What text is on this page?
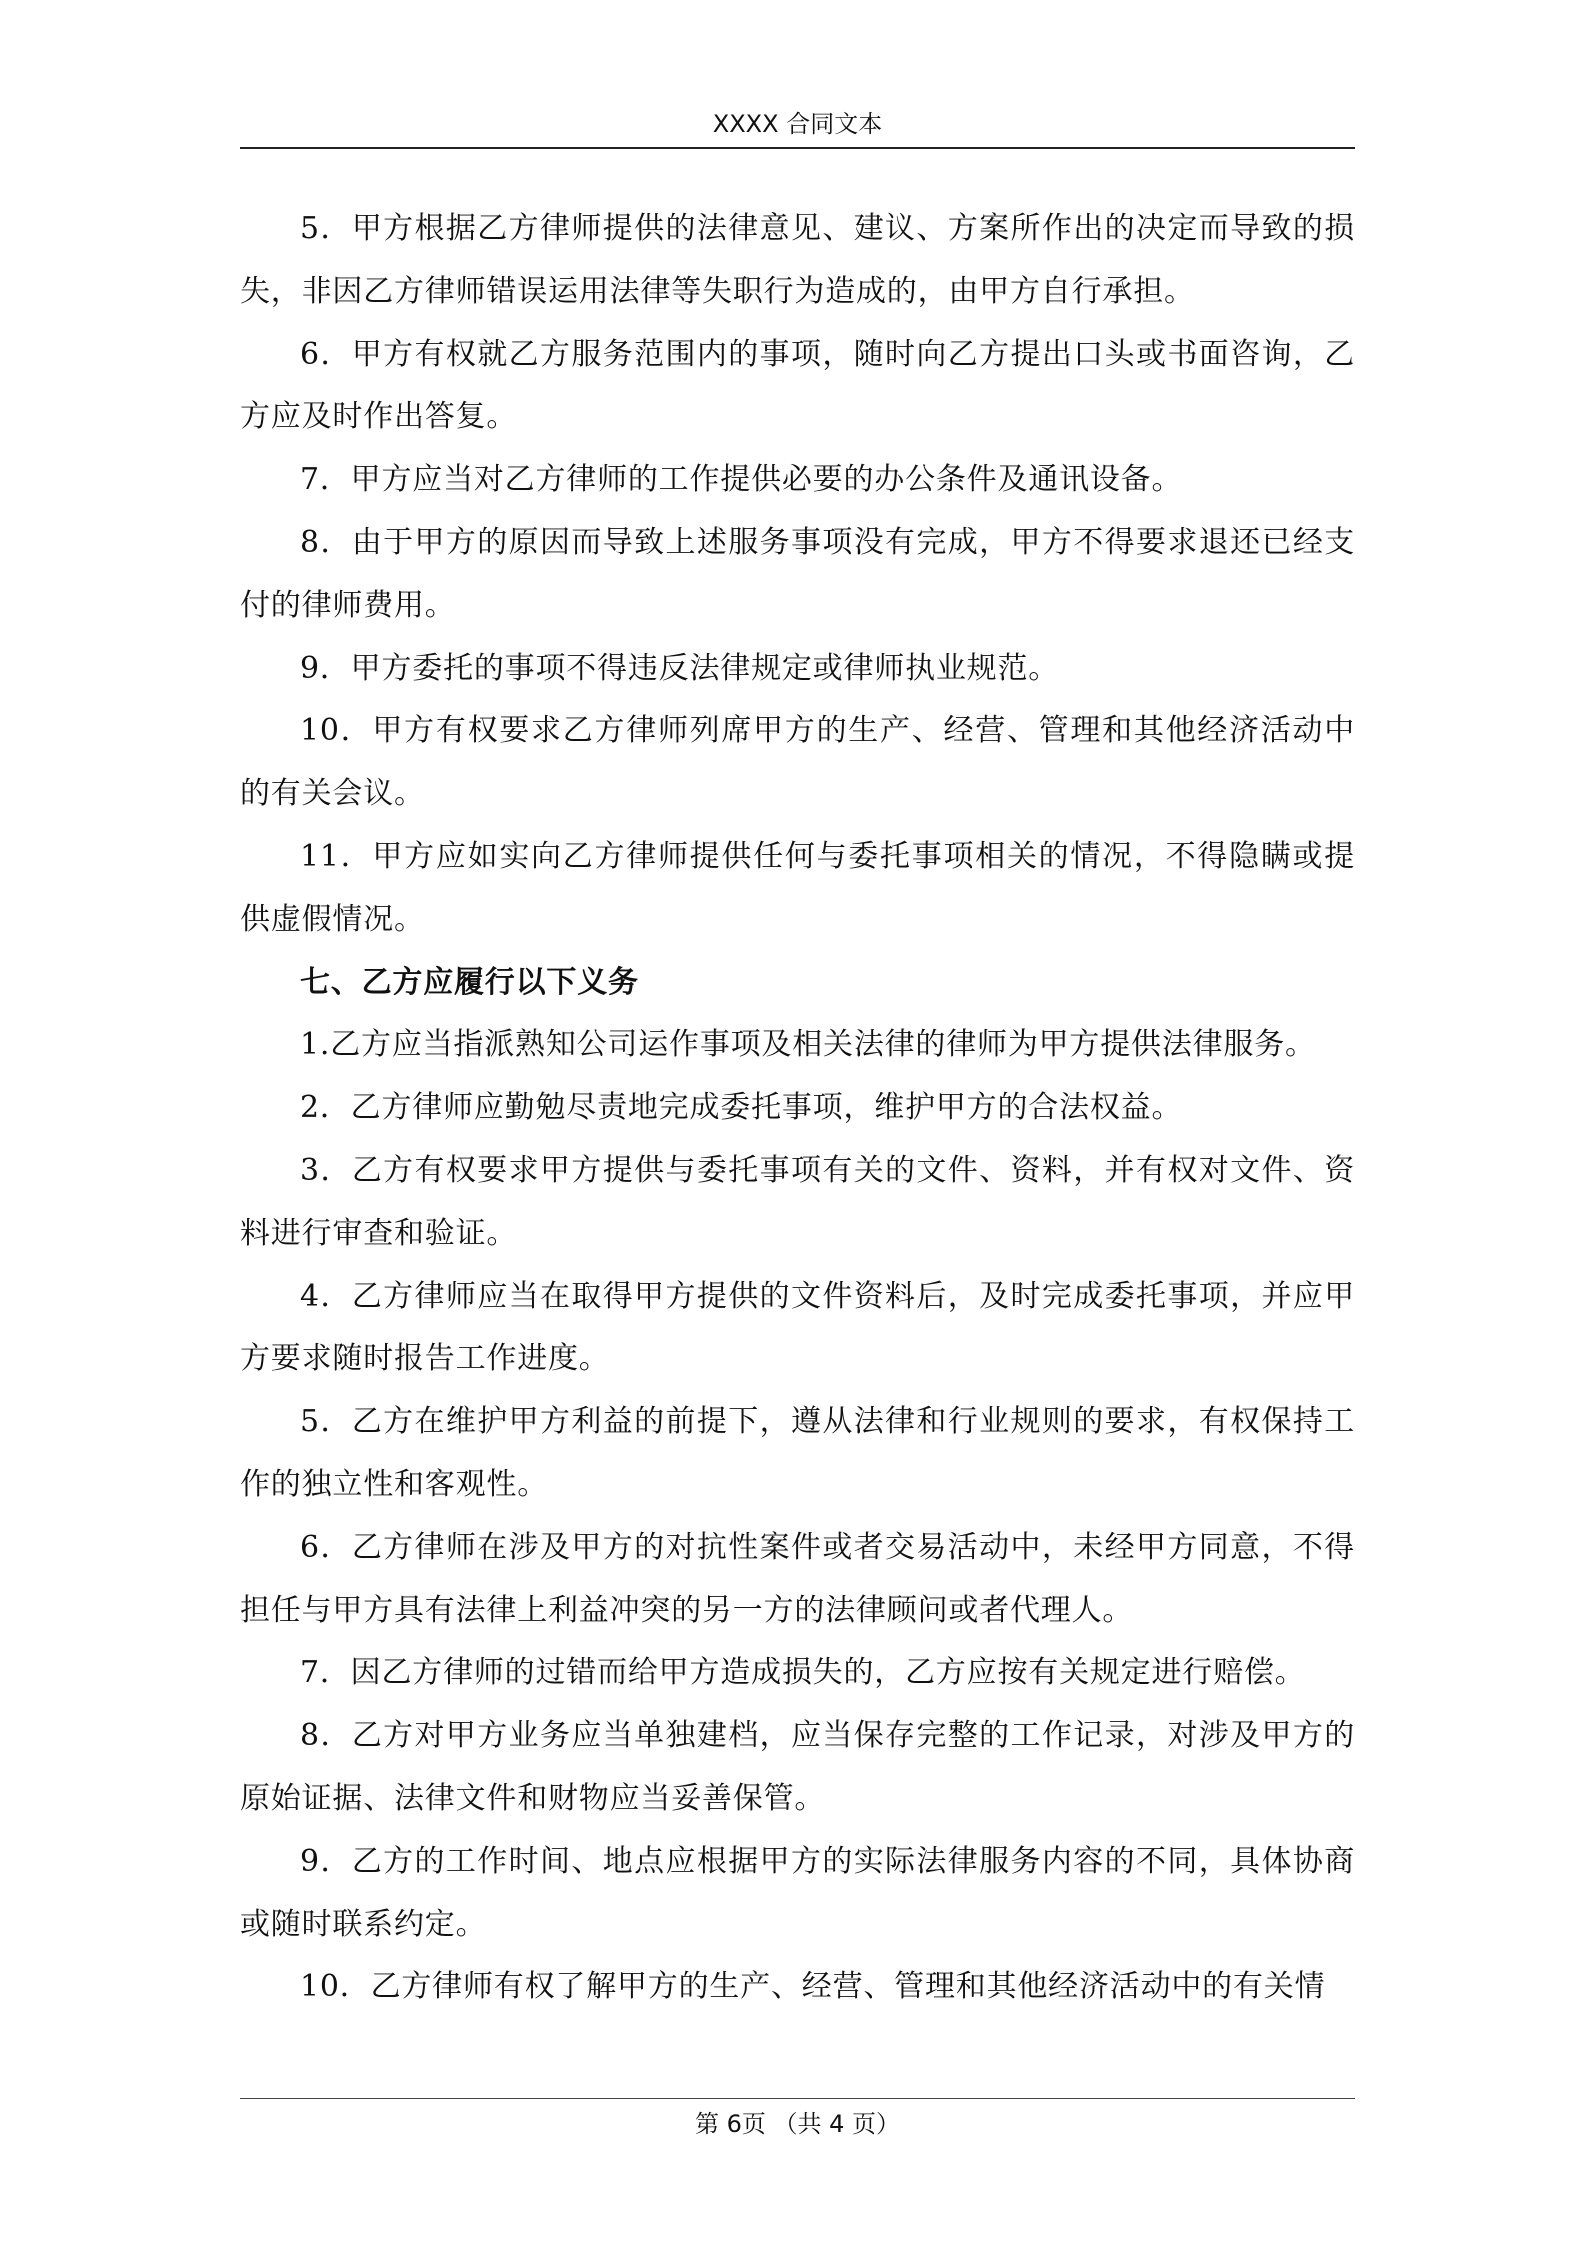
XXXX 合同文本

5．甲方根据乙方律师提供的法律意见、建议、方案所作出的决定而导致的损失，非因乙方律师错误运用法律等失职行为造成的，由甲方自行承担。

6．甲方有权就乙方服务范围内的事项，随时向乙方提出口头或书面咨询，乙方应及时作出答复。

7．甲方应当对乙方律师的工作提供必要的办公条件及通讯设备。

8．由于甲方的原因而导致上述服务事项没有完成，甲方不得要求退还已经支付的律师费用。

9．甲方委托的事项不得违反法律规定或律师执业规范。

10．甲方有权要求乙方律师列席甲方的生产、经营、管理和其他经济活动中的有关会议。

11．甲方应如实向乙方律师提供任何与委托事项相关的情况，不得隐瞒或提供虚假情况。

七、乙方应履行以下义务

1.乙方应当指派熟知公司运作事项及相关法律的律师为甲方提供法律服务。

2．乙方律师应勤勉尽责地完成委托事项，维护甲方的合法权益。

3．乙方有权要求甲方提供与委托事项有关的文件、资料，并有权对文件、资料进行审查和验证。

4．乙方律师应当在取得甲方提供的文件资料后，及时完成委托事项，并应甲方要求随时报告工作进度。

5．乙方在维护甲方利益的前提下，遵从法律和行业规则的要求，有权保持工作的独立性和客观性。

6．乙方律师在涉及甲方的对抗性案件或者交易活动中，未经甲方同意，不得担任与甲方具有法律上利益冲突的另一方的法律顾问或者代理人。

7．因乙方律师的过错而给甲方造成损失的，乙方应按有关规定进行赔偿。

8．乙方对甲方业务应当单独建档，应当保存完整的工作记录，对涉及甲方的原始证据、法律文件和财物应当妥善保管。

9．乙方的工作时间、地点应根据甲方的实际法律服务内容的不同，具体协商或随时联系约定。

10．乙方律师有权了解甲方的生产、经营、管理和其他经济活动中的有关情

第 6页 （共 4 页）
